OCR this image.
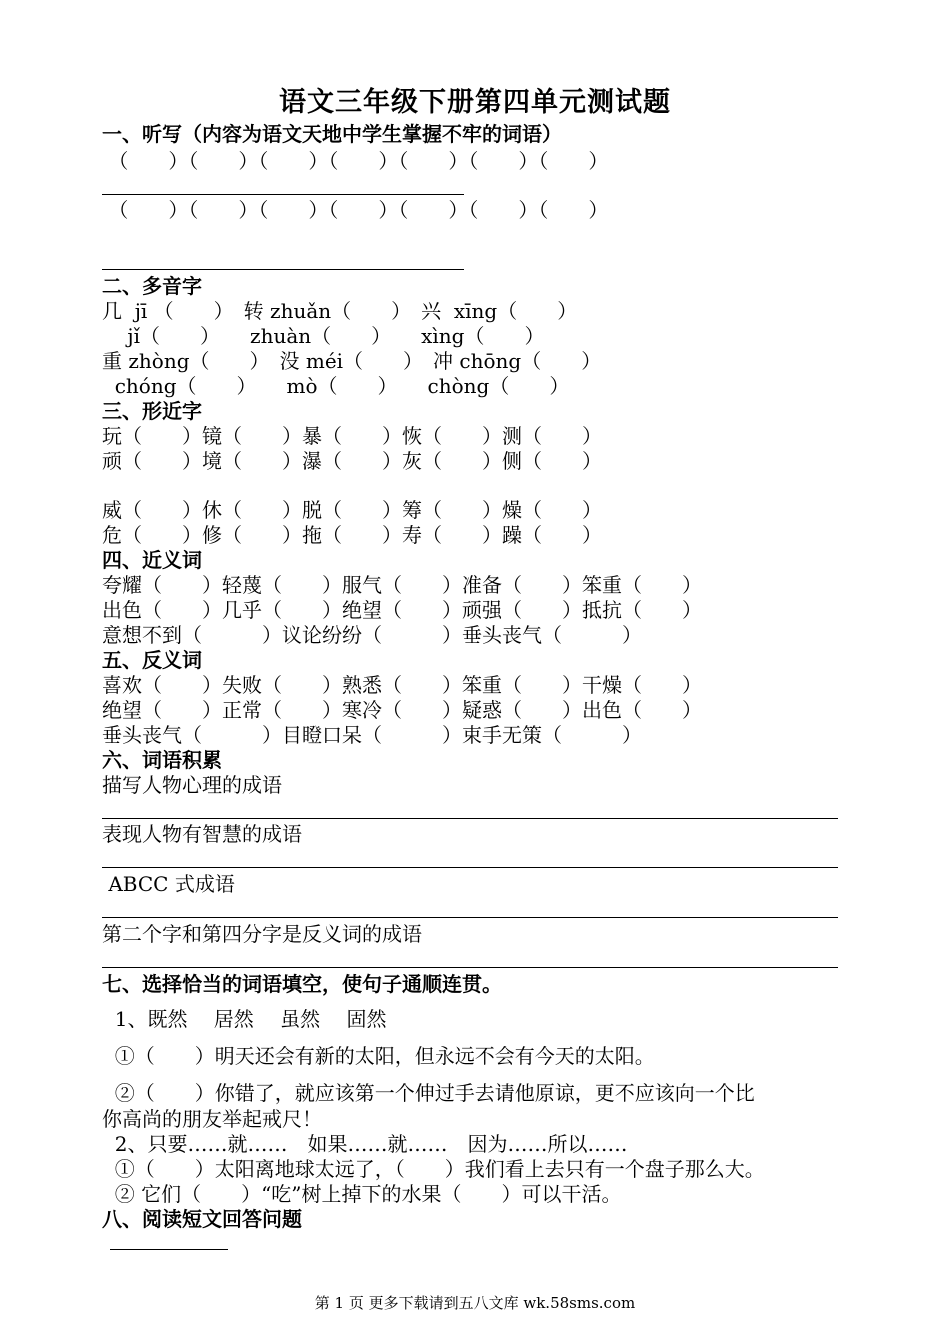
语文三年级下册第四单元测试题
一、听写（内容为语文天地中学生掌握不牢的词语）
（　　）（　　）（　　）（　　）（　　）（　　）（　　）
（　　）（　　）（　　）（　　）（　　）（　　）（　　）
二、多音字
几  jī （　　）　转 zhuǎn（　　）　兴  xīng（　　）
jǐ（　　）　　zhuàn（　　）　　xìng（　　）
重 zhòng（　　）　没 méi（　　）　冲 chōng（　　）
chóng（　　）　　mò（　　）　　chòng（　　）
三、形近字
玩（　　）镜（　　）暴（　　）恢（　　）测（　　）
顽（　　）境（　　）瀑（　　）灰（　　）侧（　　）
威（　　）休（　　）脱（　　）筹（　　）燥（　　）
危（　　）修（　　）拖（　　）寿（　　）躁（　　）
四、近义词
夸耀（　　）轻蔑（　　）服气（　　）准备（　　）笨重（　　）
出色（　　）几乎（　　）绝望（　　）顽强（　　）抵抗（　　）
意想不到（　　　）议论纷纷（　　　）垂头丧气（　　　）
五、反义词
喜欢（　　）失败（　　）熟悉（　　）笨重（　　）干燥（　　）
绝望（　　）正常（　　）寒冷（　　）疑惑（　　）出色（　　）
垂头丧气（　　　）目瞪口呆（　　　）束手无策（　　　）
六、词语积累
描写人物心理的成语
表现人物有智慧的成语
ABCC 式成语
第二个字和第四分字是反义词的成语
七、选择恰当的词语填空，使句子通顺连贯。
1、既然　 居然　 虽然　 固然
①（　　）明天还会有新的太阳，但永远不会有今天的太阳。
②（　　）你错了，就应该第一个伸过手去请他原谅，更不应该向一个比
你高尚的朋友举起戒尺！
2、只要……就……　如果……就……　因为……所以……
①（　　）太阳离地球太远了，（　　）我们看上去只有一个盘子那么大。
② 它们（　　）“吃”树上掉下的水果（　　）可以干活。
八、阅读短文回答问题
第 1 页 更多下载请到五八文库 wk.58sms.com
